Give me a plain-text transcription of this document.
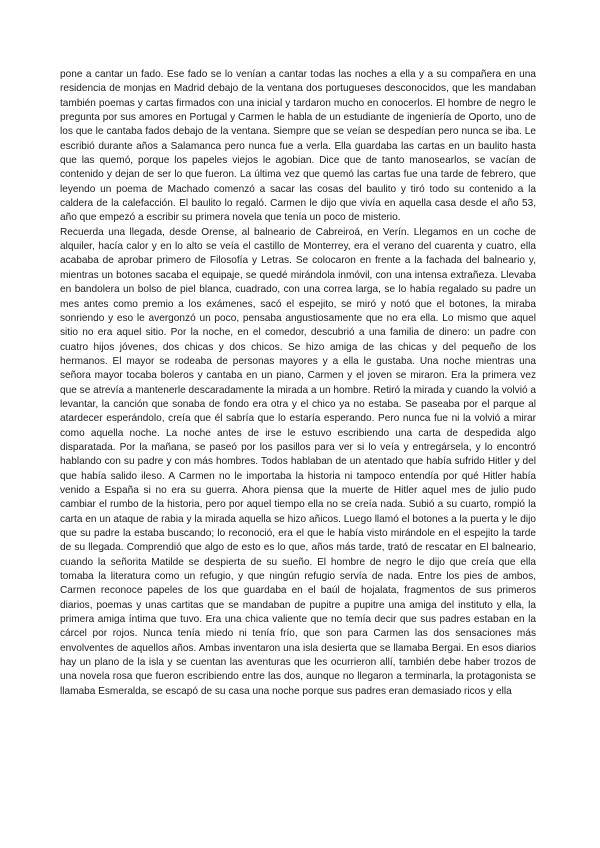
pone a cantar un fado. Ese fado se lo venían a cantar todas las noches a ella y a su compañera en una residencia de monjas en Madrid debajo de la ventana dos portugueses desconocidos, que les mandaban también poemas y cartas firmados con una inicial y tardaron mucho en conocerlos. El hombre de negro le pregunta por sus amores en Portugal y Carmen le habla de un estudiante de ingeniería de Oporto, uno de los que le cantaba fados debajo de la ventana. Siempre que se veían se despedían pero nunca se iba. Le escribió durante años a Salamanca pero nunca fue a verla. Ella guardaba las cartas en un baulito hasta que las quemó, porque los papeles viejos le agobian. Dice que de tanto manosearlos, se vacían de contenido y dejan de ser lo que fueron. La última vez que quemó las cartas fue una tarde de febrero, que leyendo un poema de Machado comenzó a sacar las cosas del baulito y tiró todo su contenido a la caldera de la calefacción. El baulito lo regaló. Carmen le dijo que vivía en aquella casa desde el año 53, año que empezó a escribir su primera novela que tenía un poco de misterio.

Recuerda una llegada, desde Orense, al balneario de Cabreiroá, en Verín. Llegamos en un coche de alquiler, hacía calor y en lo alto se veía el castillo de Monterrey, era el verano del cuarenta y cuatro, ella acababa de aprobar primero de Filosofía y Letras. Se colocaron en frente a la fachada del balneario y, mientras un botones sacaba el equipaje, se quedé mirándola inmóvil, con una intensa extrañeza. Llevaba en bandolera un bolso de piel blanca, cuadrado, con una correa larga, se lo había regalado su padre un mes antes como premio a los exámenes, sacó el espejito, se miró y notó que el botones, la miraba sonriendo y eso le avergonzó un poco, pensaba angustiosamente que no era ella. Lo mismo que aquel sitio no era aquel sitio. Por la noche, en el comedor, descubrió a una familia de dinero: un padre con cuatro hijos jóvenes, dos chicas y dos chicos. Se hizo amiga de las chicas y del pequeño de los hermanos. El mayor se rodeaba de personas mayores y a ella le gustaba. Una noche mientras una señora mayor tocaba boleros y cantaba en un piano, Carmen y el joven se miraron. Era la primera vez que se atrevía a mantenerle descaradamente la mirada a un hombre. Retiró la mirada y cuando la volvió a levantar, la canción que sonaba de fondo era otra y el chico ya no estaba. Se paseaba por el parque al atardecer esperándolo, creía que él sabría que lo estaría esperando. Pero nunca fue ni la volvió a mirar como aquella noche. La noche antes de irse le estuvo escribiendo una carta de despedida algo disparatada. Por la mañana, se paseó por los pasillos para ver si lo veía y entregársela, y lo encontró hablando con su padre y con más hombres. Todos hablaban de un atentado que había sufrido Hitler y del que había salido ileso. A Carmen no le importaba la historia ni tampoco entendía por qué Hitler había venido a España si no era su guerra. Ahora piensa que la muerte de Hitler aquel mes de julio pudo cambiar el rumbo de la historia, pero por aquel tiempo ella no se creía nada. Subió a su cuarto, rompió la carta en un ataque de rabia y la mirada aquella se hizo añicos. Luego llamó el botones a la puerta y le dijo que su padre la estaba buscando; lo reconoció, era el que le había visto mirándole en el espejito la tarde de su llegada. Comprendió que algo de esto es lo que, años más tarde, trató de rescatar en El balneario, cuando la señorita Matilde se despierta de su sueño. El hombre de negro le dijo que creía que ella tomaba la literatura como un refugio, y que ningún refugio servía de nada. Entre los pies de ambos, Carmen reconoce papeles de los que guardaba en el baúl de hojalata, fragmentos de sus primeros diarios, poemas y unas cartitas que se mandaban de pupitre a pupitre una amiga del instituto y ella, la primera amiga íntima que tuvo. Era una chica valiente que no temía decir que sus padres estaban en la cárcel por rojos. Nunca tenía miedo ni tenía frío, que son para Carmen las dos sensaciones más envolventes de aquellos años. Ambas inventaron una isla desierta que se llamaba Bergai. En esos diarios hay un plano de la isla y se cuentan las aventuras que les ocurrieron allí, también debe haber trozos de una novela rosa que fueron escribiendo entre las dos, aunque no llegaron a terminarla, la protagonista se llamaba Esmeralda, se escapó de su casa una noche porque sus padres eran demasiado ricos y ella
